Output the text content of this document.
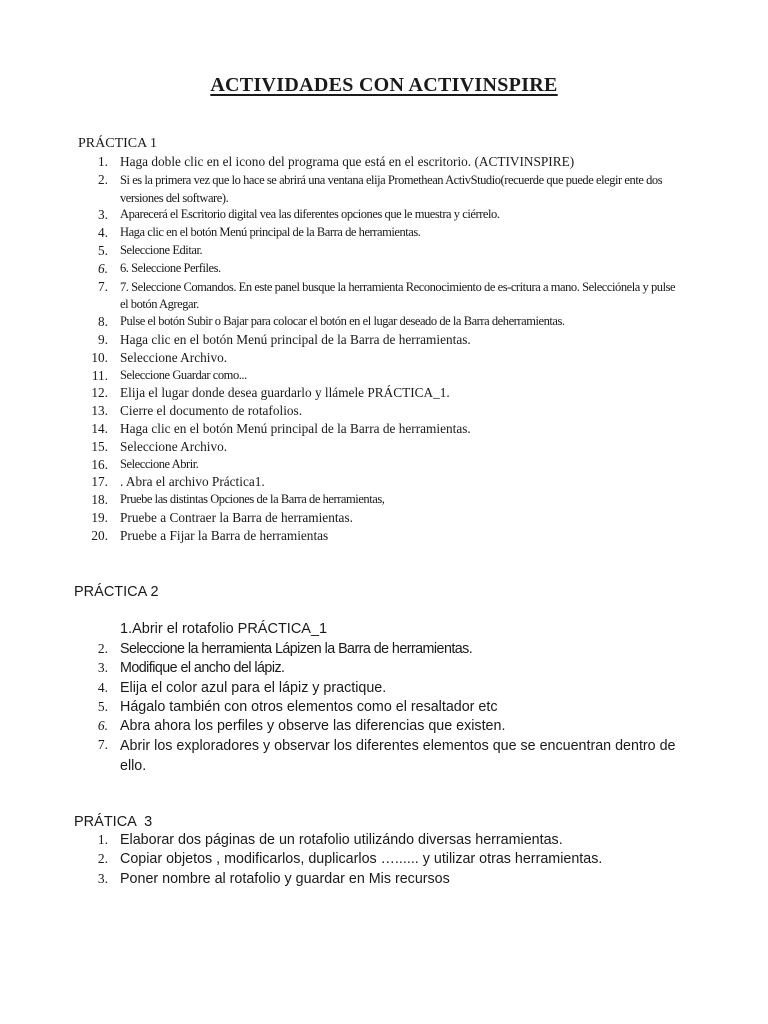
ACTIVIDADES CON ACTIVINSPIRE
PRÁCTICA 1
1. Haga doble clic en el icono del programa que está en el escritorio. (ACTIVINSPIRE)
2. Si es la primera vez que lo hace se abrirá una ventana elija Promethean ActivStudio(recuerde que puede elegir ente dos versiones del software).
3. Aparecerá el Escritorio digital vea las diferentes opciones que le muestra y ciérrelo.
4. Haga clic en el botón Menú principal de la Barra de herramientas.
5. Seleccione Editar.
6. 6. Seleccione Perfiles.
7. 7. Seleccione Comandos. En este panel busque la herramienta Reconocimiento de es-critura a mano. Selecciónela y pulse el botón Agregar.
8. Pulse el botón Subir o Bajar para colocar el botón en el lugar deseado de la Barra deherramientas.
9. Haga clic en el botón Menú principal de la Barra de herramientas.
10. Seleccione Archivo.
11. Seleccione Guardar como...
12. Elija el lugar donde desea guardarlo y llámele PRÁCTICA_1.
13. Cierre el documento de rotafolios.
14. Haga clic en el botón Menú principal de la Barra de herramientas.
15. Seleccione Archivo.
16. Seleccione Abrir.
17. . Abra el archivo Práctica1.
18. Pruebe las distintas Opciones de la Barra de herramientas,
19. Pruebe a Contraer la Barra de herramientas.
20. Pruebe a Fijar la Barra de herramientas
PRÁCTICA 2
1.Abrir el rotafolio PRÁCTICA_1
2. Seleccione la herramienta Lápizen la Barra de herramientas.
3. Modifique el ancho del lápiz.
4. Elija el color azul para el lápiz y practique.
5. Hágalo también con otros elementos como el resaltador etc
6. Abra ahora los perfiles y observe las diferencias que existen.
7. Abrir los exploradores y observar los diferentes elementos que se encuentran dentro de ello.
PRÁTICA  3
1. Elaborar dos páginas de un rotafolio utilizándo diversas herramientas.
2. Copiar objetos , modificarlos, duplicarlos …...... y utilizar otras herramientas.
3. Poner nombre al rotafolio y guardar en Mis recursos
